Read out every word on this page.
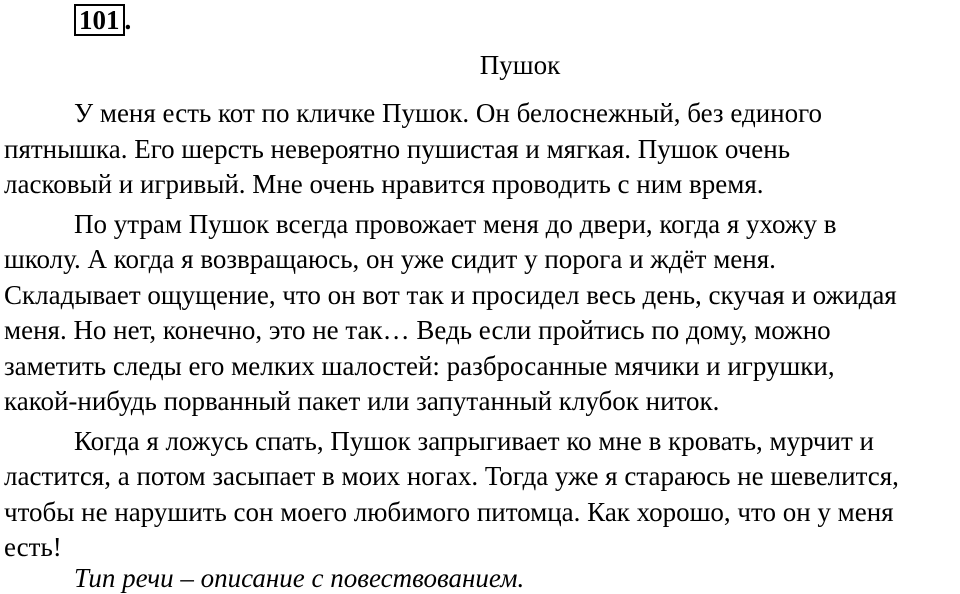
101 .
Пушок

У меня есть кот по кличке Пушок. Он белоснежный, без единого
пятнышка. Его шерсть невероятно пушистая и мягкая. Пушок очень
ласковый и игривый. Мне очень нравится проводить с ним время.

По утрам Пушок всегда провожает меня до двери, когда я ухожу в
школу. А когда я возвращаюсь, он уже сидит у порога и ждёт меня.
Складывает ощущение, что он вот так и просидел весь день, скучая и ожидая
меня. Но нет, конечно, это не так… Ведь если пройтись по дому, можно
заметить следы его мелких шалостей: разбросанные мячики и игрушки,
какой-нибудь порванный пакет или запутанный клубок ниток.

Когда я ложусь спать, Пушок запрыгивает ко мне в кровать, мурчит и
ластится, а потом засыпает в моих ногах. Тогда уже я стараюсь не шевелится,
чтобы не нарушить сон моего любимого питомца. Как хорошо, что он у меня
есть!

Тип речи – описание с повествованием.
